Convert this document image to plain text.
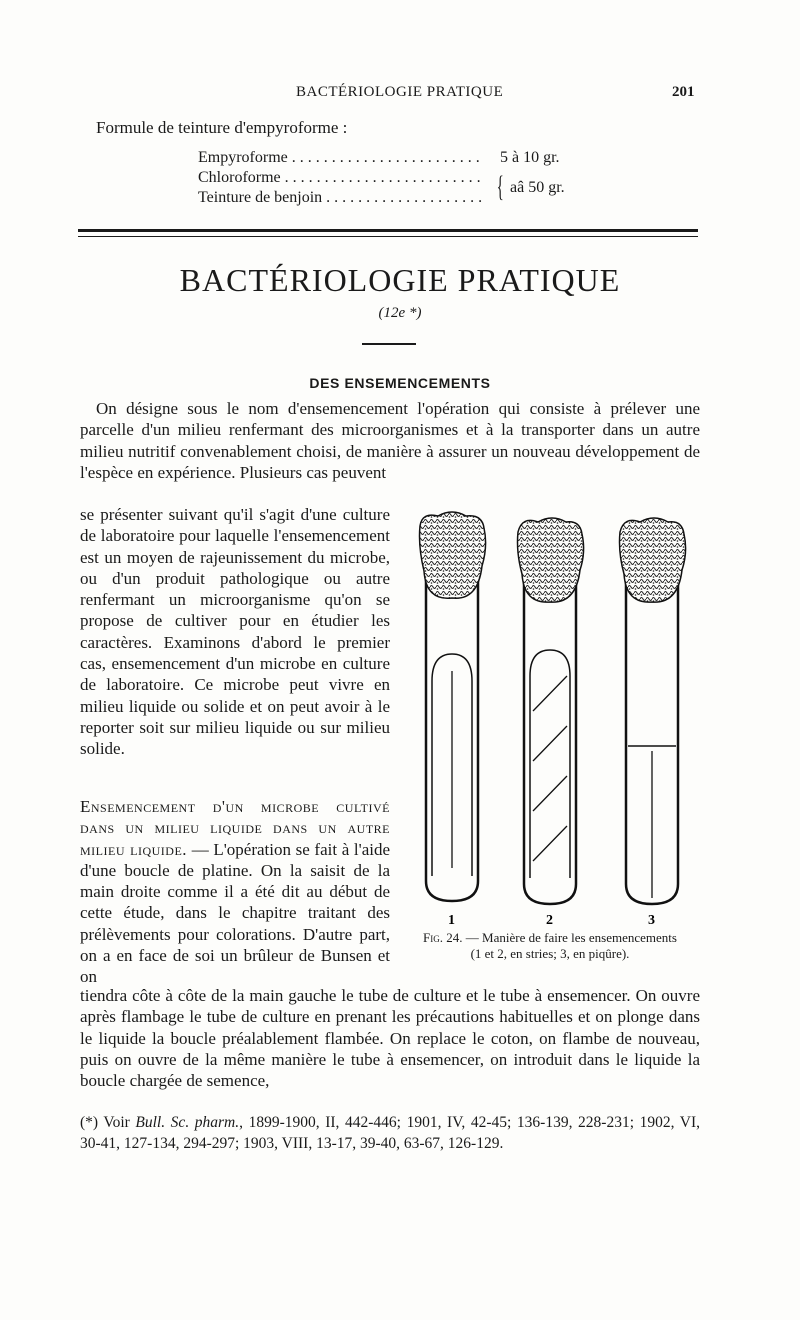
BACTÉRIOLOGIE PRATIQUE	201
Formule de teinture d'empyroforme :
Empyroforme . . .	5 à 10 gr.
Chloroforme . . .
Teinture de benjoin . . .	{ aâ 50 gr.
BACTÉRIOLOGIE PRATIQUE
(12e *)
DES ENSEMENCEMENTS
On désigne sous le nom d'ensemencement l'opération qui consiste à prélever une parcelle d'un milieu renfermant des microorganismes et à la transporter dans un autre milieu nutritif convenablement choisi, de manière à assurer un nouveau développement de l'espèce en expérience. Plusieurs cas peuvent
se présenter suivant qu'il s'agit d'une culture de laboratoire pour laquelle l'ensemencement est un moyen de rajeunissement du microbe, ou d'un produit pathologique ou autre renfermant un microorganisme qu'on se propose de cultiver pour en étudier les caractères. Examinons d'abord le premier cas, ensemencement d'un microbe en culture de laboratoire. Ce microbe peut vivre en milieu liquide ou solide et on peut avoir à le reporter soit sur milieu liquide ou sur milieu solide.
Ensemencement d'un microbe cultivé dans un milieu liquide dans un autre milieu liquide. — L'opération se fait à l'aide d'une boucle de platine. On la saisit de la main droite comme il a été dit au début de cette étude, dans le chapitre traitant des prélèvements pour colorations. D'autre part, on a en face de soi un brûleur de Bunsen et on
tiendra côte à côte de la main gauche le tube de culture et le tube à ensemencer. On ouvre après flambage le tube de culture en prenant les précautions habituelles et on plonge dans le liquide la boucle préalablement flambée. On replace le coton, on flambe de nouveau, puis on ouvre de la même manière le tube à ensemencer, on introduit dans le liquide la boucle chargée de semence,
1	2	3
Fig. 24. — Manière de faire les ensemencements
(1 et 2, en stries; 3, en piqûre).
(*) Voir Bull. Sc. pharm., 1899-1900, II, 442-446; 1901, IV, 42-45; 136-139, 228-231; 1902, VI, 30-41, 127-134, 294-297; 1903, VIII, 13-17, 39-40, 63-67, 126-129.
